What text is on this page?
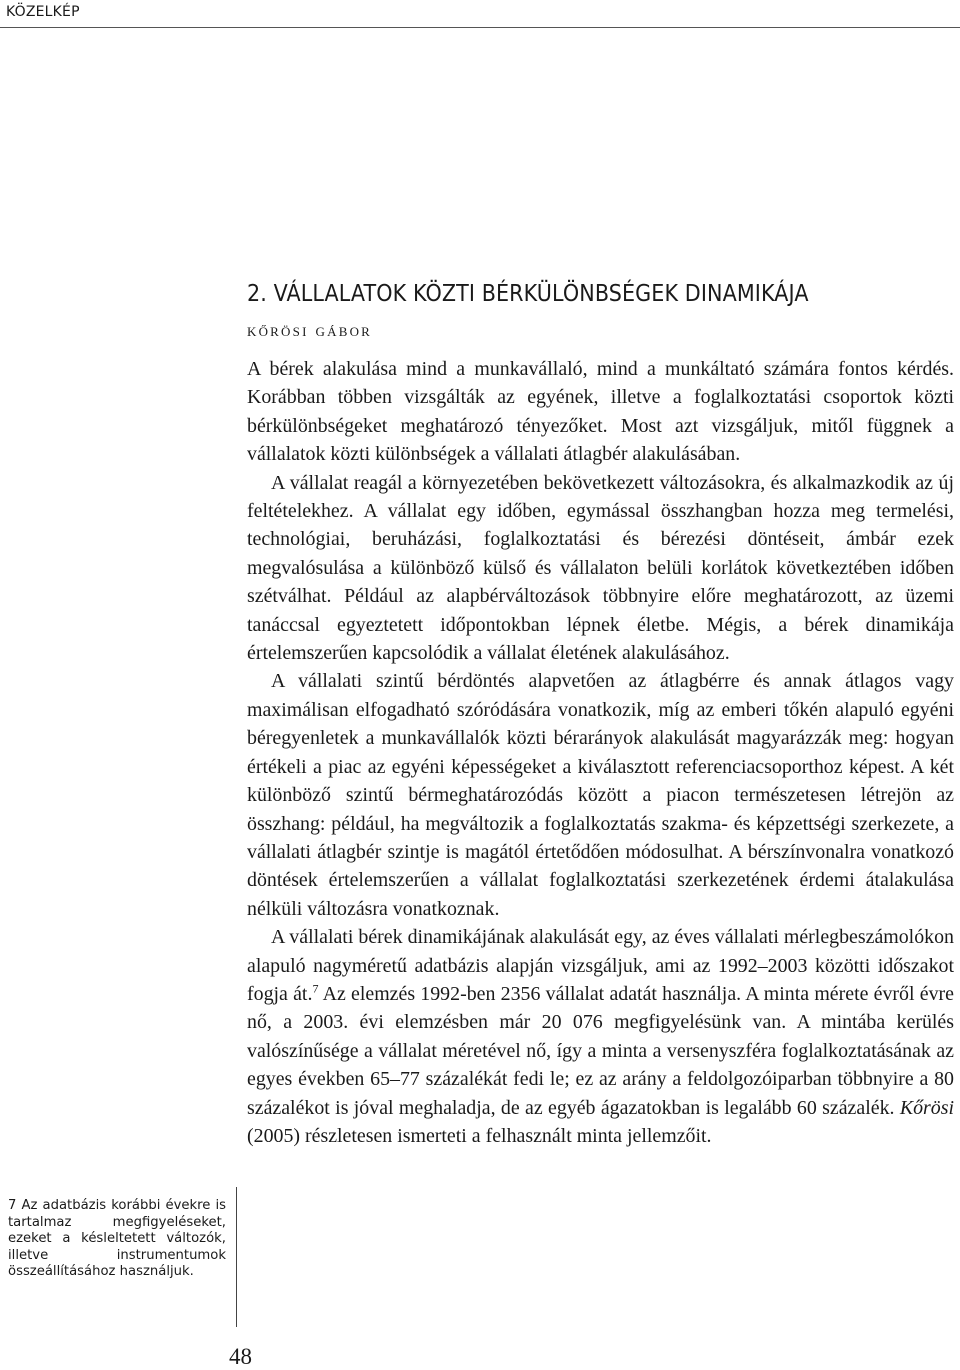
KÖZELKÉP
2. VÁLLALATOK KÖZTI BÉRKÜLÖNBSÉGEK DINAMIKÁJA
kőrösi gábor

A bérek alakulása mind a munkavállaló, mind a munkáltató számára fontos kérdés. Korábban többen vizsgálták az egyének, illetve a foglalkoztatási csoportok közti bérkülönbségeket meghatározó tényezőket. Most azt vizsgáljuk, mitől függnek a vállalatok közti különbségek a vállalati átlagbér alakulásában.

A vállalat reagál a környezetében bekövetkezett változásokra, és alkalmazkodik az új feltételekhez. A vállalat egy időben, egymással összhangban hozza meg termelési, technológiai, beruházási, foglalkoztatási és bérezési döntéseit, ámbár ezek megvalósulása a különböző külső és vállalaton belüli korlátok következtében időben szétválhat. Például az alapbérváltozások többnyire előre meghatározott, az üzemi tanáccsal egyeztetett időpontokban lépnek életbe. Mégis, a bérek dinamikája értelemszerűen kapcsolódik a vállalat életének alakulásához.

A vállalati szintű bérdöntés alapvetően az átlagbérre és annak átlagos vagy maximálisan elfogadható szóródására vonatkozik, míg az emberi tőkén alapuló egyéni béregyenletek a munkavállalók közti bérarányok alakulását magyarázzák meg: hogyan értékeli a piac az egyéni képességeket a kiválasztott referenciacsoporthoz képest. A két különböző szintű bérmeghatározódás között a piacon természetesen létrejön az összhang: például, ha megváltozik a foglalkoztatás szakma- és képzettségi szerkezete, a vállalati átlagbér szintje is magától értetődően módosulhat. A bérszínvonalra vonatkozó döntések értelemszerűen a vállalat foglalkoztatási szerkezetének érdemi átalakulása nélküli változásra vonatkoznak.

A vállalati bérek dinamikájának alakulását egy, az éves vállalati mérlegbeszámolókon alapuló nagyméretű adatbázis alapján vizsgáljuk, ami az 1992–2003 közötti időszakot fogja át.$^7$ Az elemzés 1992-ben 2356 vállalat adatát használja. A minta mérete évről évre nő, a 2003. évi elemzésben már 20 076 megfigyelésünk van. A mintába kerülés valószínűsége a vállalat méretével nő, így a minta a versenyszféra foglalkoztatásának az egyes években 65–77 százalékát fedi le; ez az arány a feldolgozóiparban többnyire a 80 százalékot is jóval meghaladja, de az egyéb ágazatokban is legalább 60 százalék. Kőrösi (2005) részletesen ismerteti a felhasznált minta jellemzőit.

7 Az adatbázis korábbi évekre is tartalmaz megfigyeléseket, ezeket a késleltetett változók, illetve instrumentumok összeállításához használjuk.
48
